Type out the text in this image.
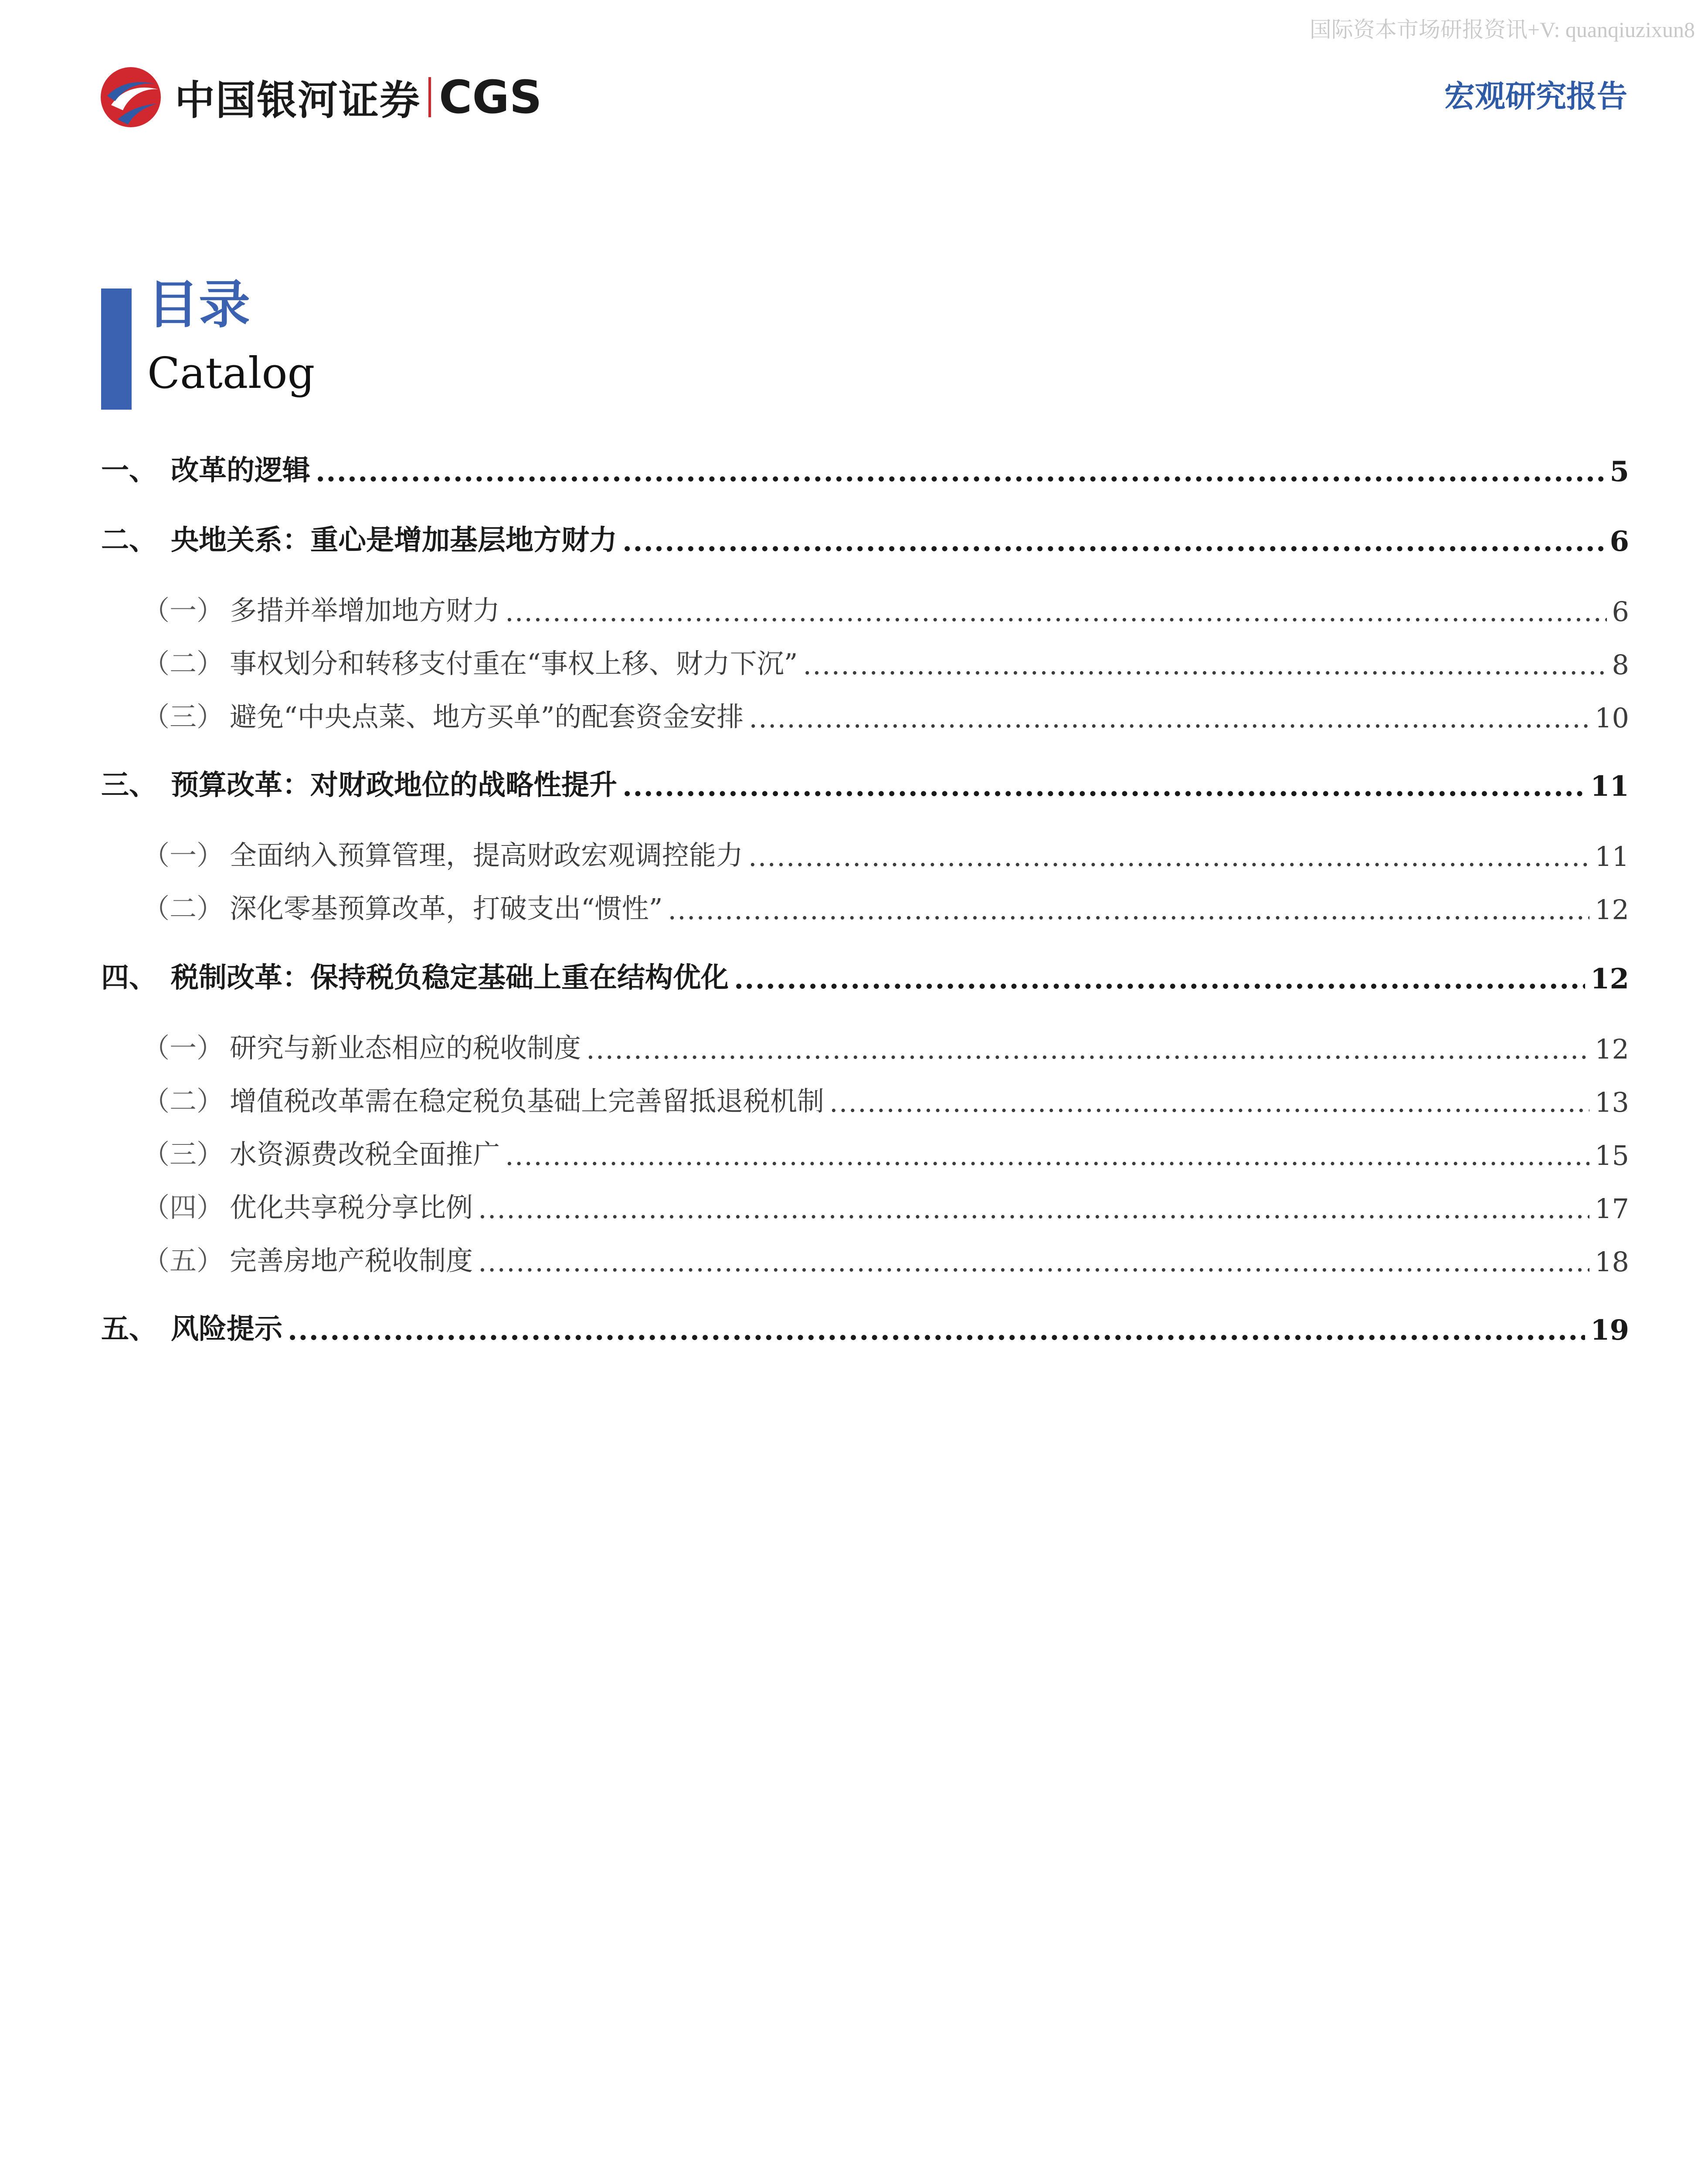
国际资本市场研报资讯+V: quanqiuzixun8
中国银河证券 CGS	宏观研究报告
目录
Catalog
一、 改革的逻辑 .....	5
二、 央地关系：重心是增加基层地方财力 .....	6
（一） 多措并举增加地方财力 .....	6
（二） 事权划分和转移支付重在“事权上移、财力下沉” .....	8
（三） 避免“中央点菜、地方买单”的配套资金安排 .....	10
三、 预算改革：对财政地位的战略性提升 .....	11
（一） 全面纳入预算管理，提高财政宏观调控能力 .....	11
（二） 深化零基预算改革，打破支出“惯性” .....	12
四、 税制改革：保持税负稳定基础上重在结构优化 .....	12
（一） 研究与新业态相应的税收制度 .....	12
（二） 增值税改革需在稳定税负基础上完善留抵退税机制 .....	13
（三） 水资源费改税全面推广 .....	15
（四） 优化共享税分享比例 .....	17
（五） 完善房地产税收制度 .....	18
五、 风险提示 .....	19
